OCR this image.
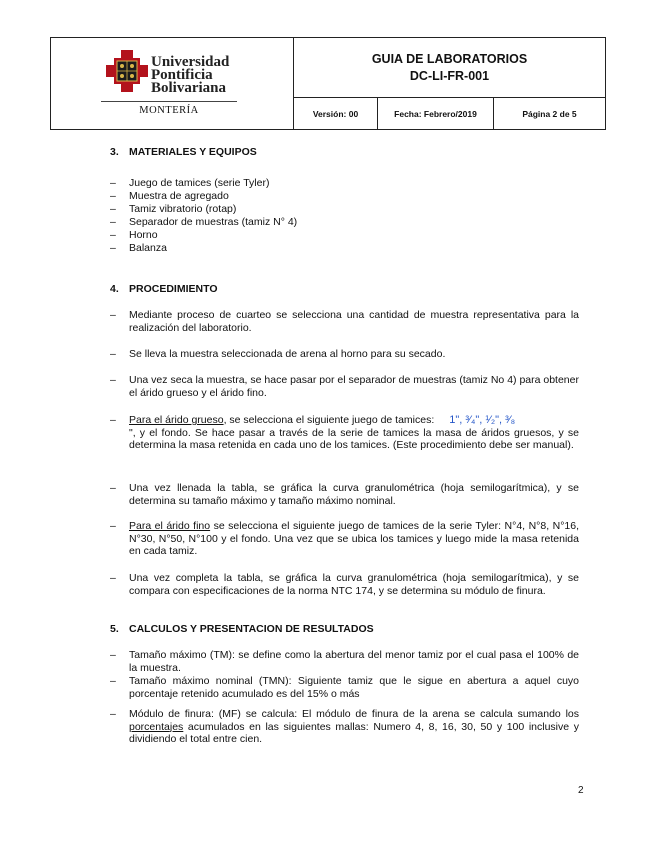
Universidad
Pontificia
Bolivariana
MONTERÍA
GUIA DE LABORATORIOS
DC-LI-FR-001
Versión: 00	Fecha: Febrero/2019	Página 2 de 5
3. MATERIALES Y EQUIPOS
– Juego de tamices (serie Tyler)
– Muestra de agregado
– Tamiz vibratorio (rotap)
– Separador de muestras (tamiz N° 4)
– Horno
– Balanza
4. PROCEDIMIENTO
– Mediante proceso de cuarteo se selecciona una cantidad de muestra representativa para la realización del laboratorio.
– Se lleva la muestra seleccionada de arena al horno para su secado.
– Una vez seca la muestra, se hace pasar por el separador de muestras (tamiz No 4) para obtener el árido grueso y el árido fino.
– Para el árido grueso, se selecciona el siguiente juego de tamices: 1", ³⁄₄", ¹⁄₂", ³⁄₈
", y el fondo. Se hace pasar a través de la serie de tamices la masa de áridos gruesos, y se determina la masa retenida en cada uno de los tamices. (Este procedimiento debe ser manual).
– Una vez llenada la tabla, se gráfica la curva granulométrica (hoja semilogarítmica), y se determina su tamaño máximo y tamaño máximo nominal.
– Para el árido fino se selecciona el siguiente juego de tamices de la serie Tyler: N°4, N°8, N°16, N°30, N°50, N°100 y el fondo. Una vez que se ubica los tamices y luego mide la masa retenida en cada tamiz.
– Una vez completa la tabla, se gráfica la curva granulométrica (hoja semilogarítmica), y se compara con especificaciones de la norma NTC 174, y se determina su módulo de finura.
5. CALCULOS Y PRESENTACION DE RESULTADOS
– Tamaño máximo (TM): se define como la abertura del menor tamiz por el cual pasa el 100% de la muestra.
– Tamaño máximo nominal (TMN): Siguiente tamiz que le sigue en abertura a aquel cuyo porcentaje retenido acumulado es del 15% o más
– Módulo de finura: (MF) se calcula: El módulo de finura de la arena se calcula sumando los porcentajes acumulados en las siguientes mallas: Numero 4, 8, 16, 30, 50 y 100 inclusive y dividiendo el total entre cien.
2
